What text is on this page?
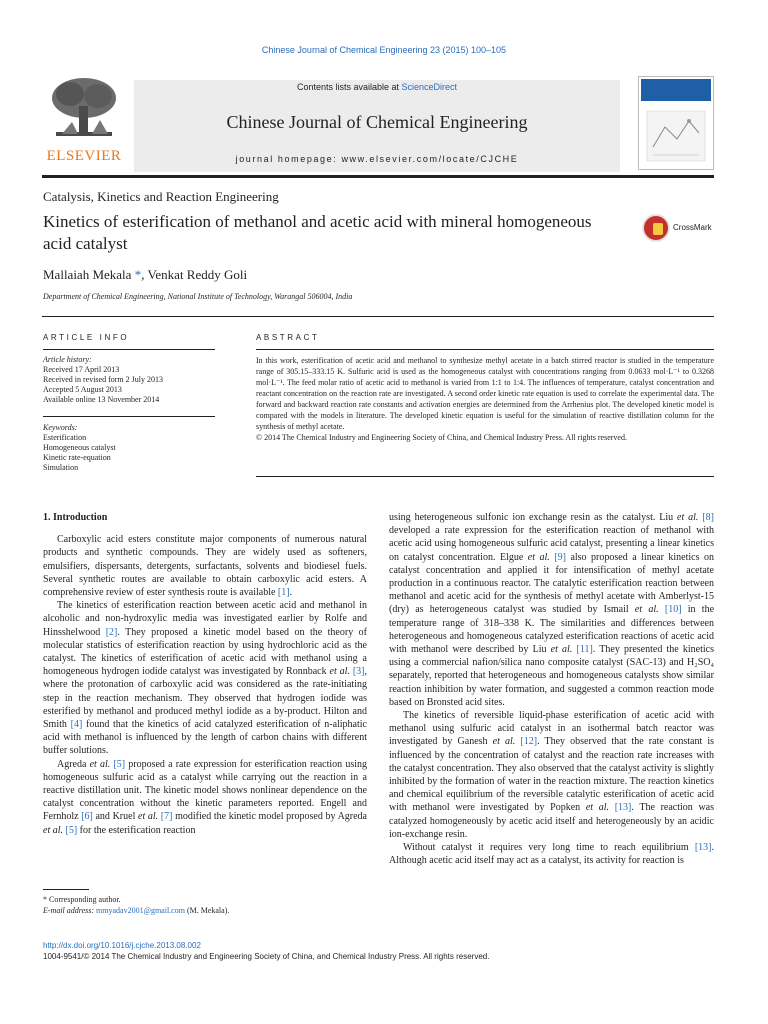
Chinese Journal of Chemical Engineering 23 (2015) 100–105
ELSEVIER
Contents lists available at ScienceDirect
Chinese Journal of Chemical Engineering
journal homepage: www.elsevier.com/locate/CJCHE
Catalysis, Kinetics and Reaction Engineering
Kinetics of esterification of methanol and acetic acid with mineral homogeneous acid catalyst
CrossMark
Mallaiah Mekala *, Venkat Reddy Goli
Department of Chemical Engineering, National Institute of Technology, Warangal 506004, India
ARTICLE INFO	ABSTRACT
Article history:
Received 17 April 2013
Received in revised form 2 July 2013
Accepted 5 August 2013
Available online 13 November 2014
Keywords:
Esterification
Homogeneous catalyst
Kinetic rate-equation
Simulation
In this work, esterification of acetic acid and methanol to synthesize methyl acetate in a batch stirred reactor is studied in the temperature range of 305.15–333.15 K. Sulfuric acid is used as the homogeneous catalyst with concentrations ranging from 0.0633 mol·L⁻¹ to 0.3268 mol·L⁻¹. The feed molar ratio of acetic acid to methanol is varied from 1:1 to 1:4. The influences of temperature, catalyst concentration and reactant concentration on the reaction rate are investigated. A second order kinetic rate equation is used to correlate the experimental data. The forward and backward reaction rate constants and activation energies are determined from the Arrhenius plot. The developed kinetic model is compared with the models in literature. The developed kinetic equation is useful for the simulation of reactive distillation column for the synthesis of methyl acetate.
© 2014 The Chemical Industry and Engineering Society of China, and Chemical Industry Press. All rights reserved.

1. Introduction

Carboxylic acid esters constitute major components of numerous natural products and synthetic compounds. They are widely used as softeners, emulsifiers, dispersants, detergents, surfactants, solvents and biodiesel fuels. Several synthetic routes are available to obtain carboxylic acid esters. A comprehensive review of ester synthesis route is available [1].

The kinetics of esterification reaction between acetic acid and methanol in alcoholic and non-hydroxylic media was investigated earlier by Rolfe and Hinsshelwood [2]. They proposed a kinetic model based on the theory of molecular statistics of esterification reaction by using hydrochloric acid as the catalyst. The kinetics of esterification of acetic acid with methanol using a homogeneous hydrogen iodide catalyst was investigated by Ronnback et al. [3], where the protonation of carboxylic acid was considered as the rate-initiating step in the reaction mechanism. They observed that hydrogen iodide was esterified by methanol and produced methyl iodide as a by-product. Hilton and Smith [4] found that the kinetics of acid catalyzed esterification of n-aliphatic acid with methanol is influenced by the length of carbon chains with different buffer solutions.

Agreda et al. [5] proposed a rate expression for esterification reaction using homogeneous sulfuric acid as a catalyst while carrying out the reaction in a reactive distillation unit. The kinetic model shows nonlinear dependence on the catalyst concentration without the kinetic parameters reported. Engell and Fernholz [6] and Kruel et al. [7] modified the kinetic model proposed by Agreda et al. [5] for the esterification reaction

using heterogeneous sulfonic ion exchange resin as the catalyst. Liu et al. [8] developed a rate expression for the esterification reaction of methanol with acetic acid using homogeneous sulfuric acid catalyst, presenting a linear kinetics on catalyst concentration. Elgue et al. [9] also proposed a linear kinetics on catalyst concentration and applied it for intensification of methyl acetate production in a continuous reactor. The catalytic esterification reaction between methanol and acetic acid for the synthesis of methyl acetate with Amberlyst-15 (dry) as heterogeneous catalyst was studied by Ismail et al. [10] in the temperature range of 318–338 K. The similarities and differences between heterogeneous and homogeneous catalyzed esterification reactions of acetic acid with methanol were described by Liu et al. [11]. They presented the kinetics using a commercial nafion/silica nano composite catalyst (SAC-13) and H₂SO₄ separately, reported that heterogeneous and homogeneous catalysts show similar reaction inhibition by water formation, and suggested a common reaction mode based on Bronsted acid sites.

The kinetics of reversible liquid-phase esterification of acetic acid with methanol using sulfuric acid catalyst in an isothermal batch reactor was investigated by Ganesh et al. [12]. They observed that the rate constant is influenced by the concentration of catalyst and the reaction rate increases with the catalyst concentration. They also observed that the catalyst activity is slightly inhibited by the formation of water in the reaction mixture. The reaction kinetics and chemical equilibrium of the reversible catalytic esterification of acetic acid with methanol were investigated by Popken et al. [13]. The reaction was catalyzed homogeneously by acetic acid itself and heterogeneously by an acidic ion-exchange resin.

Without catalyst it requires very long time to reach equilibrium [13]. Although acetic acid itself may act as a catalyst, its activity for reaction is

* Corresponding author.
E-mail address: mmyadav2001@gmail.com (M. Mekala).
http://dx.doi.org/10.1016/j.cjche.2013.08.002
1004-9541/© 2014 The Chemical Industry and Engineering Society of China, and Chemical Industry Press. All rights reserved.
